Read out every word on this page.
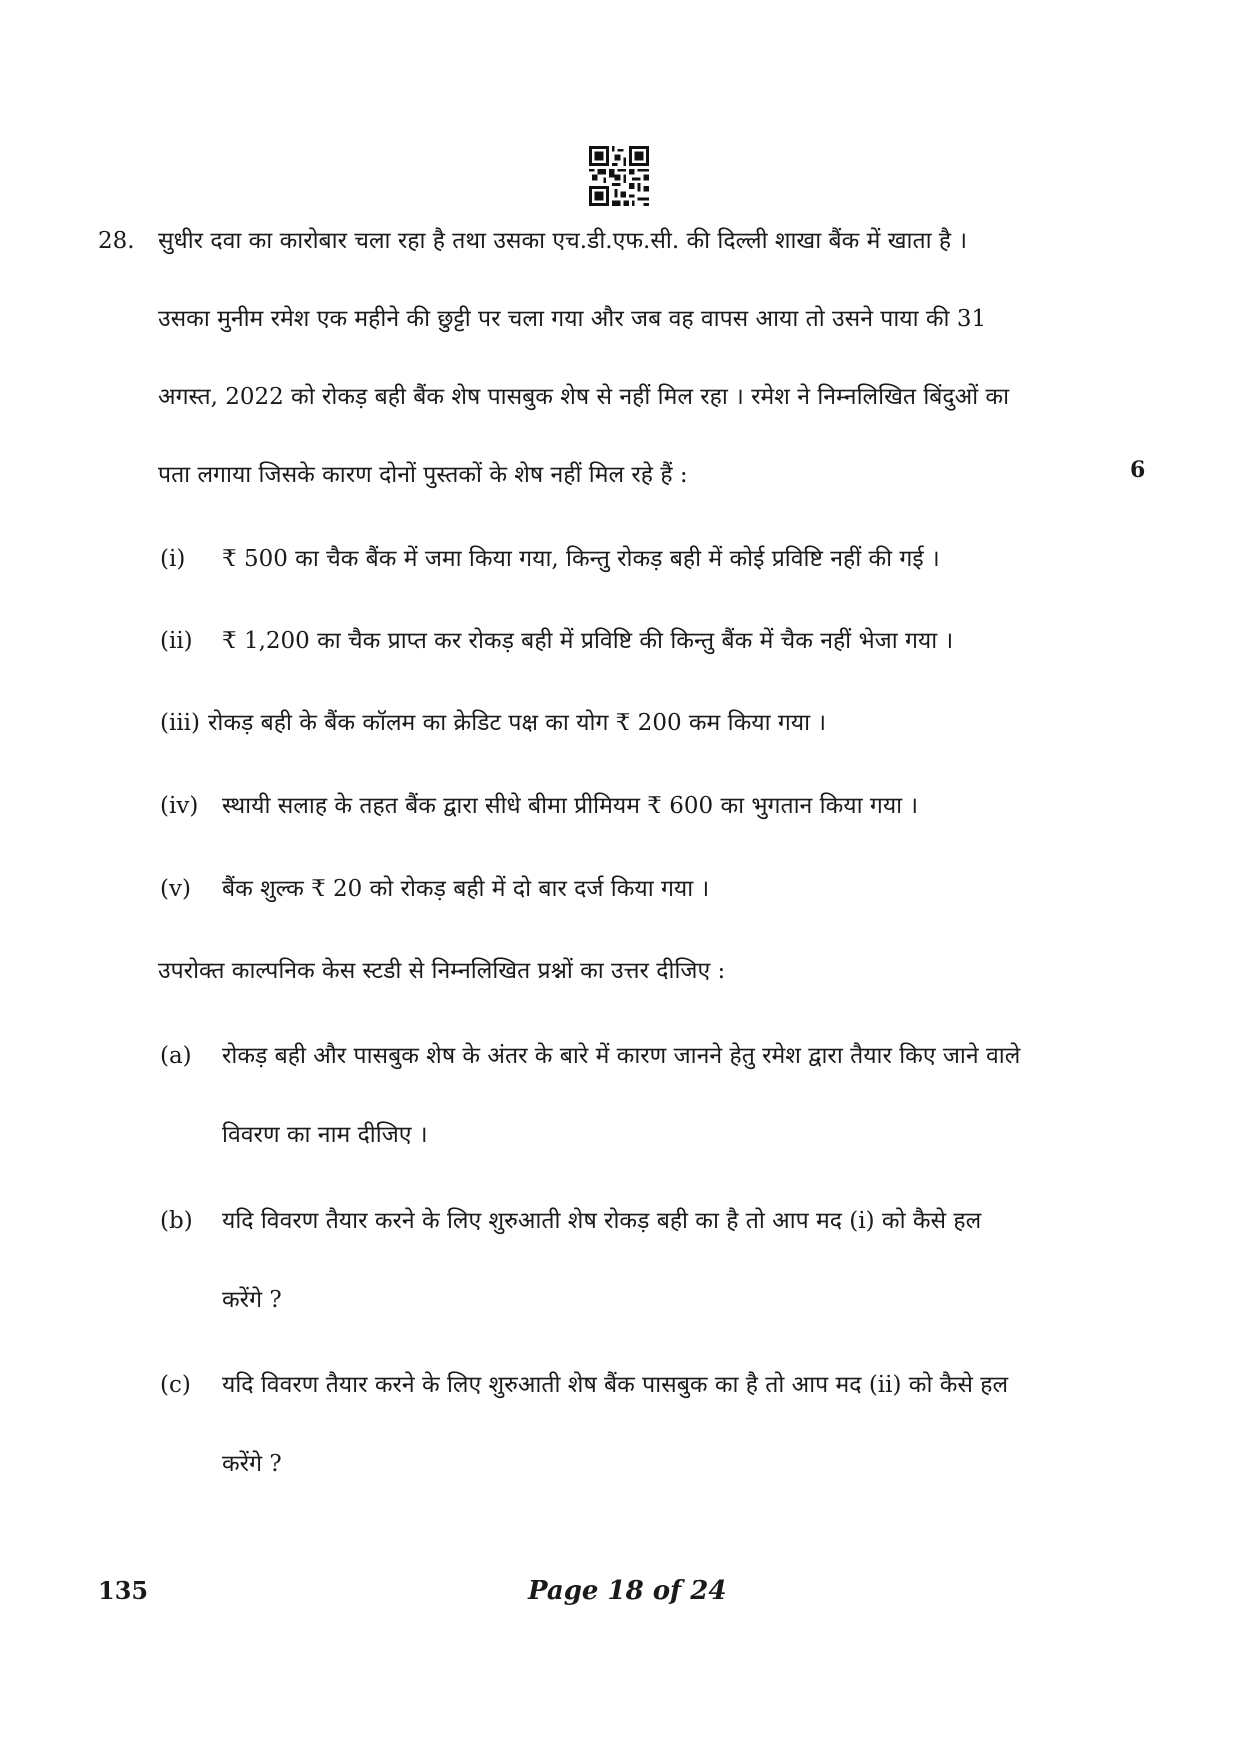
28. सुधीर दवा का कारोबार चला रहा है तथा उसका एच.डी.एफ.सी. की दिल्ली शाखा बैंक में खाता है ।
उसका मुनीम रमेश एक महीने की छुट्टी पर चला गया और जब वह वापस आया तो उसने पाया की 31
अगस्त, 2022 को रोकड़ बही बैंक शेष पासबुक शेष से नहीं मिल रहा । रमेश ने निम्नलिखित बिंदुओं का
पता लगाया जिसके कारण दोनों पुस्तकों के शेष नहीं मिल रहे हैं :	6
(i) ₹ 500 का चैक बैंक में जमा किया गया, किन्तु रोकड़ बही में कोई प्रविष्टि नहीं की गई ।
(ii) ₹ 1,200 का चैक प्राप्त कर रोकड़ बही में प्रविष्टि की किन्तु बैंक में चैक नहीं भेजा गया ।
(iii) रोकड़ बही के बैंक कॉलम का क्रेडिट पक्ष का योग ₹ 200 कम किया गया ।
(iv) स्थायी सलाह के तहत बैंक द्वारा सीधे बीमा प्रीमियम ₹ 600 का भुगतान किया गया ।
(v) बैंक शुल्क ₹ 20 को रोकड़ बही में दो बार दर्ज किया गया ।
उपरोक्त काल्पनिक केस स्टडी से निम्नलिखित प्रश्नों का उत्तर दीजिए :
(a) रोकड़ बही और पासबुक शेष के अंतर के बारे में कारण जानने हेतु रमेश द्वारा तैयार किए जाने वाले
विवरण का नाम दीजिए ।
(b) यदि विवरण तैयार करने के लिए शुरुआती शेष रोकड़ बही का है तो आप मद (i) को कैसे हल
करेंगे ?
(c) यदि विवरण तैयार करने के लिए शुरुआती शेष बैंक पासबुक का है तो आप मद (ii) को कैसे हल
करेंगे ?
135	Page 18 of 24
